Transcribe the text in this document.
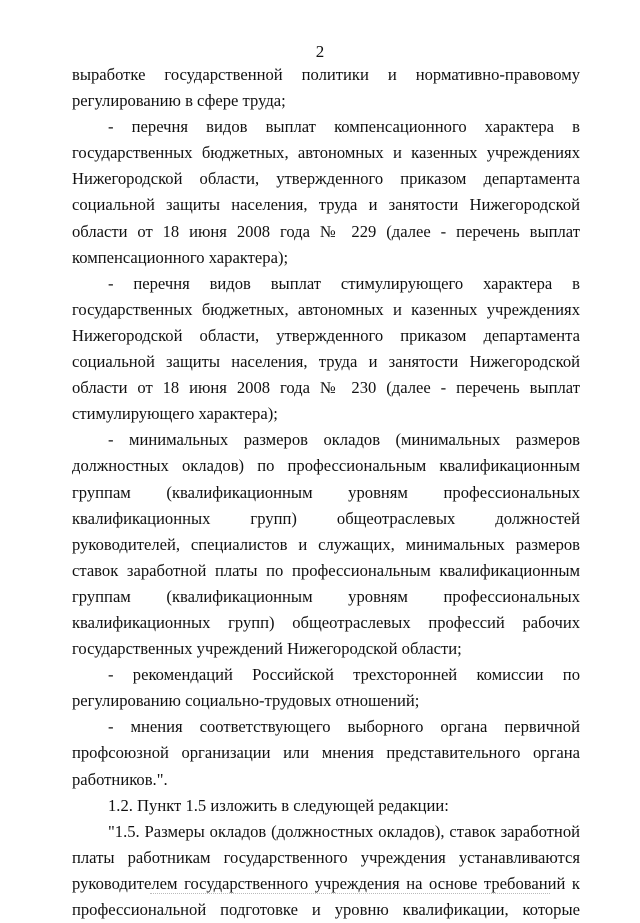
2

выработке государственной политики и нормативно-правовому регулированию в сфере труда;

- перечня видов выплат компенсационного характера в государственных бюджетных, автономных и казенных учреждениях Нижегородской области, утвержденного приказом департамента социальной защиты населения, труда и занятости Нижегородской области от 18 июня 2008 года № 229 (далее - перечень выплат компенсационного характера);

- перечня видов выплат стимулирующего характера в государственных бюджетных, автономных и казенных учреждениях Нижегородской области, утвержденного приказом департамента социальной защиты населения, труда и занятости Нижегородской области от 18 июня 2008 года № 230 (далее - перечень выплат стимулирующего характера);

- минимальных размеров окладов (минимальных размеров должностных окладов) по профессиональным квалификационным группам (квалификационным уровням профессиональных квалификационных групп) общеотраслевых должностей руководителей, специалистов и служащих, минимальных размеров ставок заработной платы по профессиональным квалификационным группам (квалификационным уровням профессиональных квалификационных групп) общеотраслевых профессий рабочих государственных учреждений Нижегородской области;

- рекомендаций Российской трехсторонней комиссии по регулированию социально-трудовых отношений;

- мнения соответствующего выборного органа первичной профсоюзной организации или мнения представительного органа работников.".

1.2. Пункт 1.5 изложить в следующей редакции:

"1.5. Размеры окладов (должностных окладов), ставок заработной платы работникам государственного учреждения устанавливаются руководителем государственного учреждения на основе требований к профессиональной подготовке и уровню квалификации, которые
